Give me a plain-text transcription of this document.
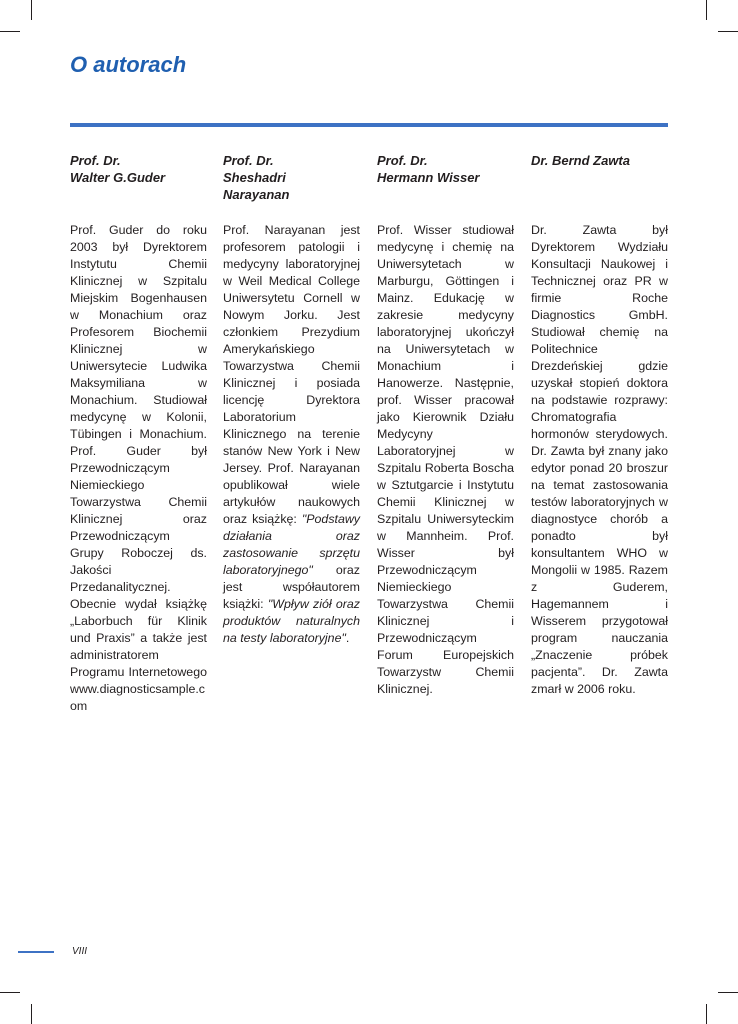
O autorach
Prof. Dr.
Walter G.Guder

Prof. Guder do roku 2003 był Dyrektorem Instytutu Chemii Klinicznej w Szpitalu Miejskim Bogenhausen w Monachium oraz Profesorem Biochemii Klinicznej w Uniwersytecie Ludwika Maksymiliana w Monachium. Studiował medycynę w Kolonii, Tübingen i Monachium. Prof. Guder był Przewodniczącym Niemieckiego Towarzystwa Chemii Klinicznej oraz Przewodniczącym Grupy Roboczej ds. Jakości Przedanalitycznej. Obecnie wydał książkę „Laborbuch für Klinik und Praxis” a także jest administratorem Programu Internetowego www.diagnosticsample.com

Prof. Dr.
Sheshadri
Narayanan

Prof. Narayanan jest profesorem patologii i medycyny laboratoryjnej w Weil Medical College Uniwersytetu Cornell w Nowym Jorku. Jest członkiem Prezydium Amerykańskiego Towarzystwa Chemii Klinicznej i posiada licencję Dyrektora Laboratorium Klinicznego na terenie stanów New York i New Jersey. Prof. Narayanan opublikował wiele artykułów naukowych oraz książkę: "Podstawy działania oraz zastosowanie sprzętu laboratoryjnego" oraz jest współautorem książki: "Wpływ ziół oraz produktów naturalnych na testy laboratoryjne".

Prof. Dr.
Hermann Wisser

Prof. Wisser studiował medycynę i chemię na Uniwersytetach w Marburgu, Göttingen i Mainz. Edukację w zakresie medycyny laboratoryjnej ukończył na Uniwersytetach w Monachium i Hanowerze. Następnie, prof. Wisser pracował jako Kierownik Działu Medycyny Laboratoryjnej w Szpitalu Roberta Boscha w Sztutgarcie i Instytutu Chemii Klinicznej w Szpitalu Uniwersyteckim w Mannheim. Prof. Wisser był Przewodniczącym Niemieckiego Towarzystwa Chemii Klinicznej i Przewodniczącym Forum Europejskich Towarzystw Chemii Klinicznej.

Dr. Bernd Zawta

Dr. Zawta był Dyrektorem Wydziału Konsultacji Naukowej i Technicznej oraz PR w firmie Roche Diagnostics GmbH. Studiował chemię na Politechnice Drezdeńskiej gdzie uzyskał stopień doktora na podstawie rozprawy: Chromatografia hormonów sterydowych. Dr. Zawta był znany jako edytor ponad 20 broszur na temat zastosowania testów laboratoryjnych w diagnostyce chorób a ponadto był konsultantem WHO w Mongolii w 1985. Razem z Guderem, Hagemannem i Wisserem przygotował program nauczania „Znaczenie próbek pacjenta”. Dr. Zawta zmarł w 2006 roku.

VIII
